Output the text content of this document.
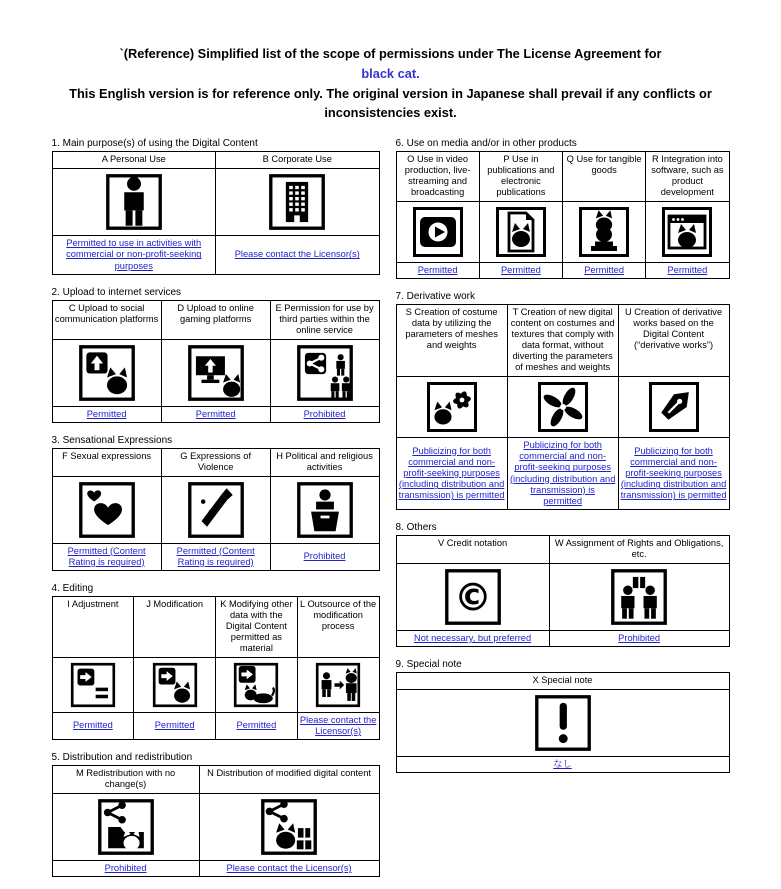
`(Reference) Simplified list of the scope of permissions under The License Agreement for
black cat.
This English version is for reference only. The original version in Japanese shall prevail if any conflicts or inconsistencies exist.
1. Main purpose(s) of using the Digital Content
A Personal Use	B Corporate Use

Permitted to use in activities with commercial or non-profit-seeking purposes	Please contact the Licensor(s)
2. Upload to internet services
C Upload to social communication platforms	D Upload to online gaming platforms	E Permission for use by third parties within the online service

Permitted	Permitted	Prohibited
3. Sensational Expressions
F Sexual expressions	G Expressions of Violence	H Political and religious activities

Permitted (Content Rating is required)	Permitted (Content Rating is required)	Prohibited
4. Editing
I Adjustment	J Modification	K Modifying other data with the Digital Content permitted as material	L Outsource of the modification process

Permitted	Permitted	Permitted	Please contact the Licensor(s)
5. Distribution and redistribution
M Redistribution with no change(s)	N Distribution of modified digital content

Prohibited	Please contact the Licensor(s)
6. Use on media and/or in other products
O Use in video production, live-streaming and broadcasting	P Use in publications and electronic publications	Q Use for tangible goods	R Integration into software, such as product development

Permitted	Permitted	Permitted	Permitted
7. Derivative work
S Creation of costume data by utilizing the parameters of meshes and weights	T Creation of new digital content on costumes and textures that comply with data format, without diverting the parameters of meshes and weights	U Creation of derivative works based on the Digital Content (“derivative works”)

Publicizing for both commercial and non-profit-seeking purposes (including distribution and transmission) is permitted	Publicizing for both commercial and non-profit-seeking purposes (including distribution and transmission) is permitted	Publicizing for both commercial and non-profit-seeking purposes (including distribution and transmission) is permitted
8. Others
V Credit notation	W Assignment of Rights and Obligations, etc.

©

Not necessary, but preferred	Prohibited
9. Special note
X Special note

なし
